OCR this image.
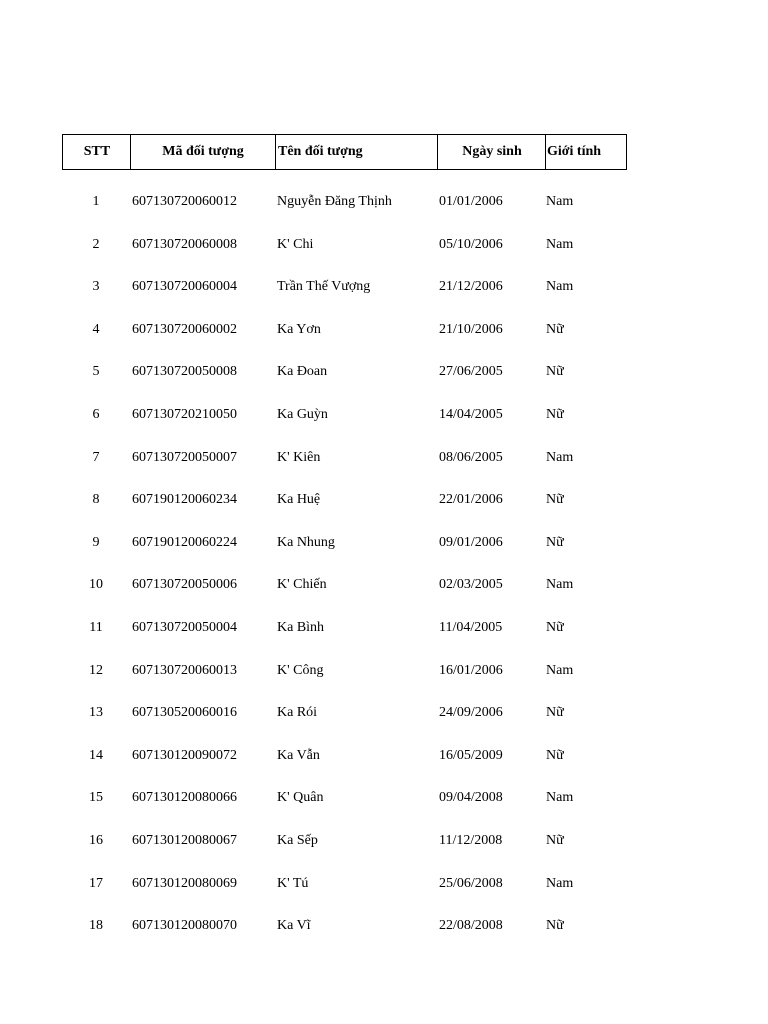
STT	Mã đối tượng	Tên đối tượng	Ngày sinh	Giới tính
1	607130720060012	Nguyễn Đăng Thịnh	01/01/2006	Nam
2	607130720060008	K' Chi	05/10/2006	Nam
3	607130720060004	Trần Thế Vượng	21/12/2006	Nam
4	607130720060002	Ka Yơn	21/10/2006	Nữ
5	607130720050008	Ka Đoan	27/06/2005	Nữ
6	607130720210050	Ka Guỳn	14/04/2005	Nữ
7	607130720050007	K' Kiên	08/06/2005	Nam
8	607190120060234	Ka Huệ	22/01/2006	Nữ
9	607190120060224	Ka Nhung	09/01/2006	Nữ
10	607130720050006	K' Chiến	02/03/2005	Nam
11	607130720050004	Ka Bình	11/04/2005	Nữ
12	607130720060013	K' Công	16/01/2006	Nam
13	607130520060016	Ka Rói	24/09/2006	Nữ
14	607130120090072	Ka Vẫn	16/05/2009	Nữ
15	607130120080066	K' Quân	09/04/2008	Nam
16	607130120080067	Ka Sếp	11/12/2008	Nữ
17	607130120080069	K' Tú	25/06/2008	Nam
18	607130120080070	Ka Vĩ	22/08/2008	Nữ
